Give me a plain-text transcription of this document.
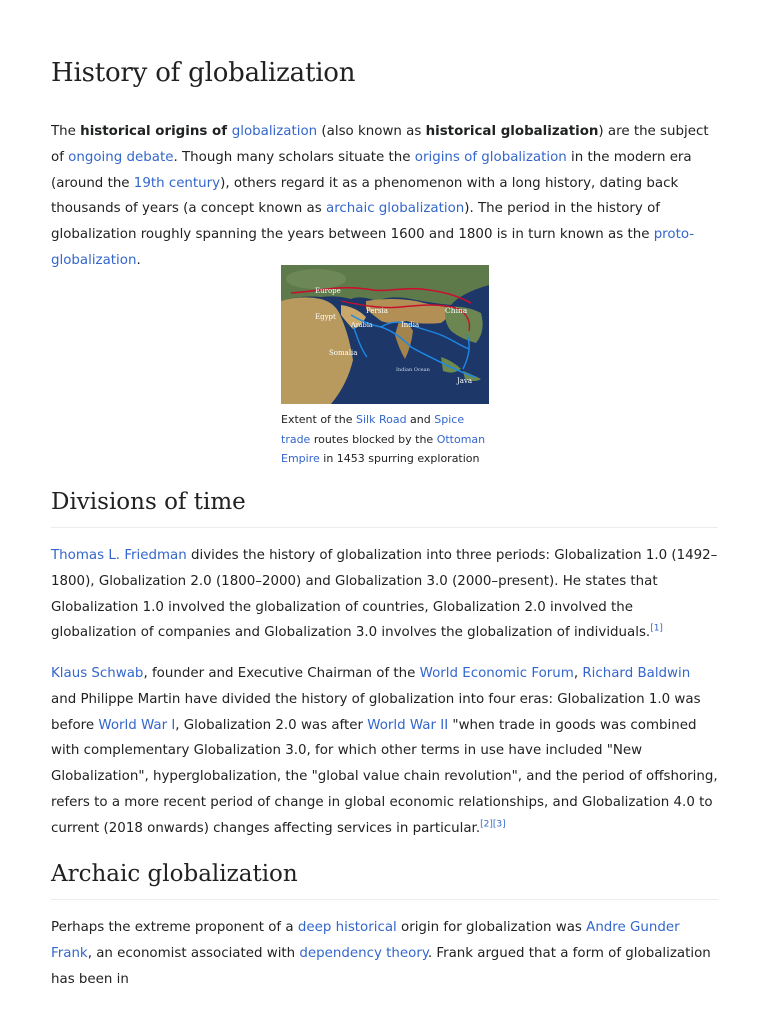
History of globalization

The historical origins of globalization (also known as historical globalization) are the subject of ongoing debate. Though many scholars situate the origins of globalization in the modern era (around the 19th century), others regard it as a phenomenon with a long history, dating back thousands of years (a concept known as archaic globalization). The period in the history of globalization roughly spanning the years between 1600 and 1800 is in turn known as the proto-globalization.

Europe
Egypt
Persia
Arabia	India
China
Somalia
Indian Ocean
Java
Extent of the Silk Road and Spice trade routes blocked by the Ottoman Empire in 1453 spurring exploration
Divisions of time

Thomas L. Friedman divides the history of globalization into three periods: Globalization 1.0 (1492–1800), Globalization 2.0 (1800–2000) and Globalization 3.0 (2000–present). He states that Globalization 1.0 involved the globalization of countries, Globalization 2.0 involved the globalization of companies and Globalization 3.0 involves the globalization of individuals.[1]

Klaus Schwab, founder and Executive Chairman of the World Economic Forum, Richard Baldwin and Philippe Martin have divided the history of globalization into four eras: Globalization 1.0 was before World War I, Globalization 2.0 was after World War II "when trade in goods was combined with complementary Globalization 3.0, for which other terms in use have included "New Globalization", hyperglobalization, the "global value chain revolution", and the period of offshoring, refers to a more recent period of change in global economic relationships, and Globalization 4.0 to current (2018 onwards) changes affecting services in particular.[2][3]

Archaic globalization

Perhaps the extreme proponent of a deep historical origin for globalization was Andre Gunder Frank, an economist associated with dependency theory. Frank argued that a form of globalization has been in
